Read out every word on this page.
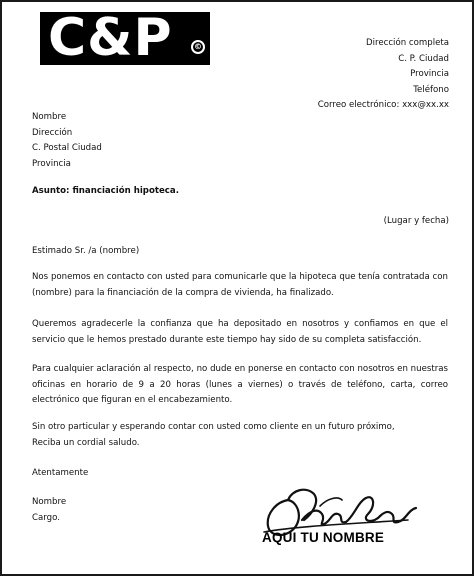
C&P	©	Dirección completa
C. P. Ciudad
Provincia
Teléfono
Correo electrónico: xxx@xx.xx
Nombre
Dirección
C. Postal Ciudad
Provincia
Asunto: financiación hipoteca.
(Lugar y fecha)
Estimado Sr. /a (nombre)
Nos ponemos en contacto con usted para comunicarle que la hipoteca que tenía contratada con (nombre) para la financiación de la compra de vivienda, ha finalizado.
Queremos agradecerle la confianza que ha depositado en nosotros y confiamos en que el servicio que le hemos prestado durante este tiempo hay sido de su completa satisfacción.
Para cualquier aclaración al respecto, no dude en ponerse en contacto con nosotros en nuestras oficinas en horario de 9 a 20 horas (lunes a viernes) o través de teléfono, carta, correo electrónico que figuran en el encabezamiento.
Sin otro particular y esperando contar con usted como cliente en un futuro próximo,
Reciba un cordial saludo.
Atentamente
Nombre
Cargo.
AQUI TU NOMBRE
